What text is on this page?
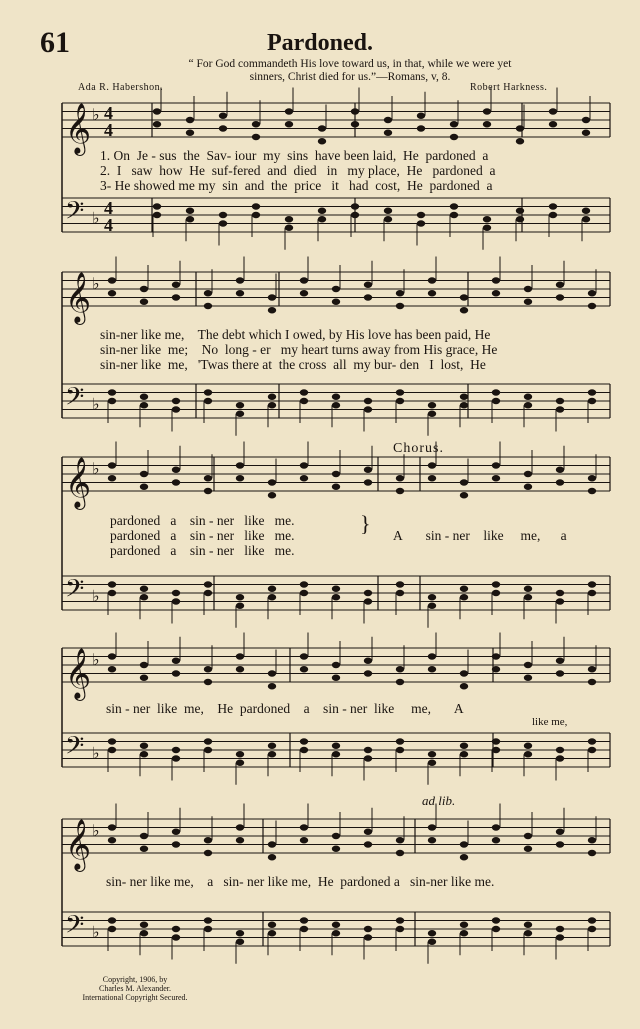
61	Pardoned.
“ For God commandeth His love toward us, in that, while we were yet
sinners, Christ died for us.”—Romans, v, 8.
Ada R. Habershon.	Robert Harkness.
𝄞 ♭
𝄢 ♭
𝄞 ♭
𝄢 ♭
𝄞 ♭
𝄢 ♭
𝄞 ♭
𝄢 ♭
𝄞 ♭
𝄢 ♭
4
4
4
4
1. On  Je - sus  the  Sav- iour  my  sins  have been laid,  He  pardoned  a
2.  I   saw  how  He  suf-fered  and  died   in   my place,  He   pardoned  a
3- He showed me my  sin  and  the  price   it   had  cost,  He  pardoned  a
sin-ner like me,    The debt which I owed, by His love has been paid, He
sin-ner like  me;    No  long - er   my heart turns away from His grace, He
sin-ner like  me,   'Twas there at  the cross  all  my bur- den   I  lost,  He
pardoned   a    sin - ner   like   me.
pardoned   a    sin - ner   like   me.
pardoned   a    sin - ner   like   me.
}
Chorus.
A       sin - ner    like     me,      a
sin - ner  like  me,    He  pardoned    a    sin - ner  like     me,       A
like me,
ad lib.
sin- ner like me,    a   sin- ner like me,  He  pardoned a   sin-ner like me.
Copyright, 1906, by
Charles M. Alexander.
International Copyright Secured.
